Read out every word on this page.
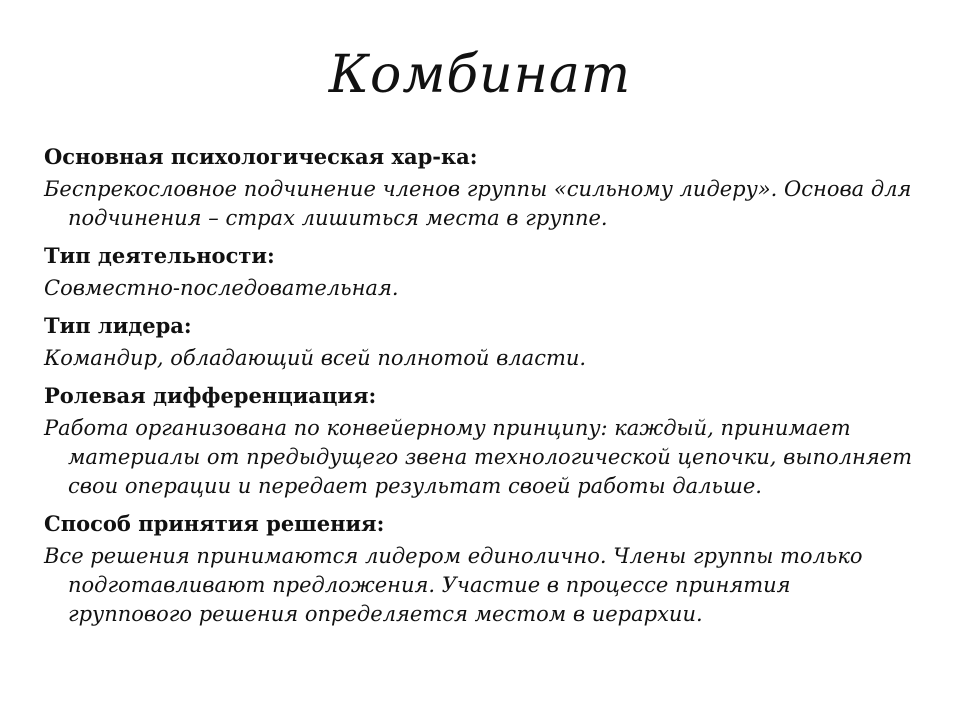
Комбинат

Основная психологическая хар-ка:

Беспрекословное подчинение членов группы «сильному лидеру». Основа для подчинения – страх лишиться места в группе.

Тип деятельности:

Совместно-последовательная.

Тип лидера:

Командир, обладающий всей полнотой власти.

Ролевая дифференциация:

Работа организована по конвейерному принципу: каждый, принимает материалы от предыдущего звена технологической цепочки, выполняет свои операции и передает результат своей работы дальше.

Способ принятия решения:

Все решения принимаются лидером единолично. Члены группы только подготавливают предложения. Участие в процессе принятия группового решения определяется местом в иерархии.
